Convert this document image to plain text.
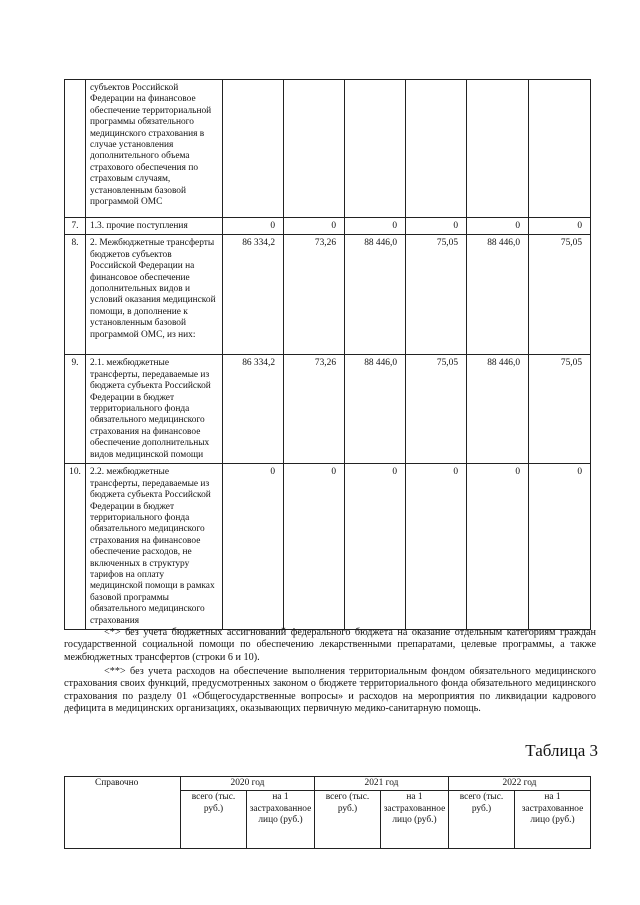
	субъектов Российской Федерации на финансовое обеспечение территориальной программы обязательного медицинского страхования в случае установления дополнительного объема страхового обеспечения по страховым случаям, установленным базовой программой ОМС						
7.	1.3. прочие поступления	0	0	0	0	0	0
8.	2. Межбюджетные трансферты бюджетов субъектов Российской Федерации на финансовое обеспечение дополнительных видов и условий оказания медицинской помощи, в дополнение к установленным базовой программой ОМС, из них:	86 334,2	73,26	88 446,0	75,05	88 446,0	75,05
9.	2.1. межбюджетные трансферты, передаваемые из бюджета субъекта Российской Федерации в бюджет территориального фонда обязательного медицинского страхования на финансовое обеспечение дополнительных видов медицинской помощи	86 334,2	73,26	88 446,0	75,05	88 446,0	75,05
10.	2.2. межбюджетные трансферты, передаваемые из бюджета субъекта Российской Федерации в бюджет территориального фонда обязательного медицинского страхования на финансовое обеспечение расходов, не включенных в структуру тарифов на оплату медицинской помощи в рамках базовой программы обязательного медицинского страхования	0	0	0	0	0	0
<*> без учета бюджетных ассигнований федерального бюджета на оказание отдельным категориям граждан государственной социальной помощи по обеспечению лекарственными препаратами, целевые программы, а также межбюджетных трансфертов (строки 6 и 10).
<**> без учета расходов на обеспечение выполнения территориальным фондом обязательного медицинского страхования своих функций, предусмотренных законом о бюджете территориального фонда обязательного медицинского страхования по разделу 01 «Общегосударственные вопросы» и расходов на мероприятия по ликвидации кадрового дефицита в медицинских организациях, оказывающих первичную медико-санитарную помощь.
Таблица 3
Справочно	2020 год		2021 год		2022 год	
	всего (тыс. руб.)	на 1 застрахованное лицо (руб.)	всего (тыс. руб.)	на 1 застрахованное лицо (руб.)	всего (тыс. руб.)	на 1 застрахованное лицо (руб.)
